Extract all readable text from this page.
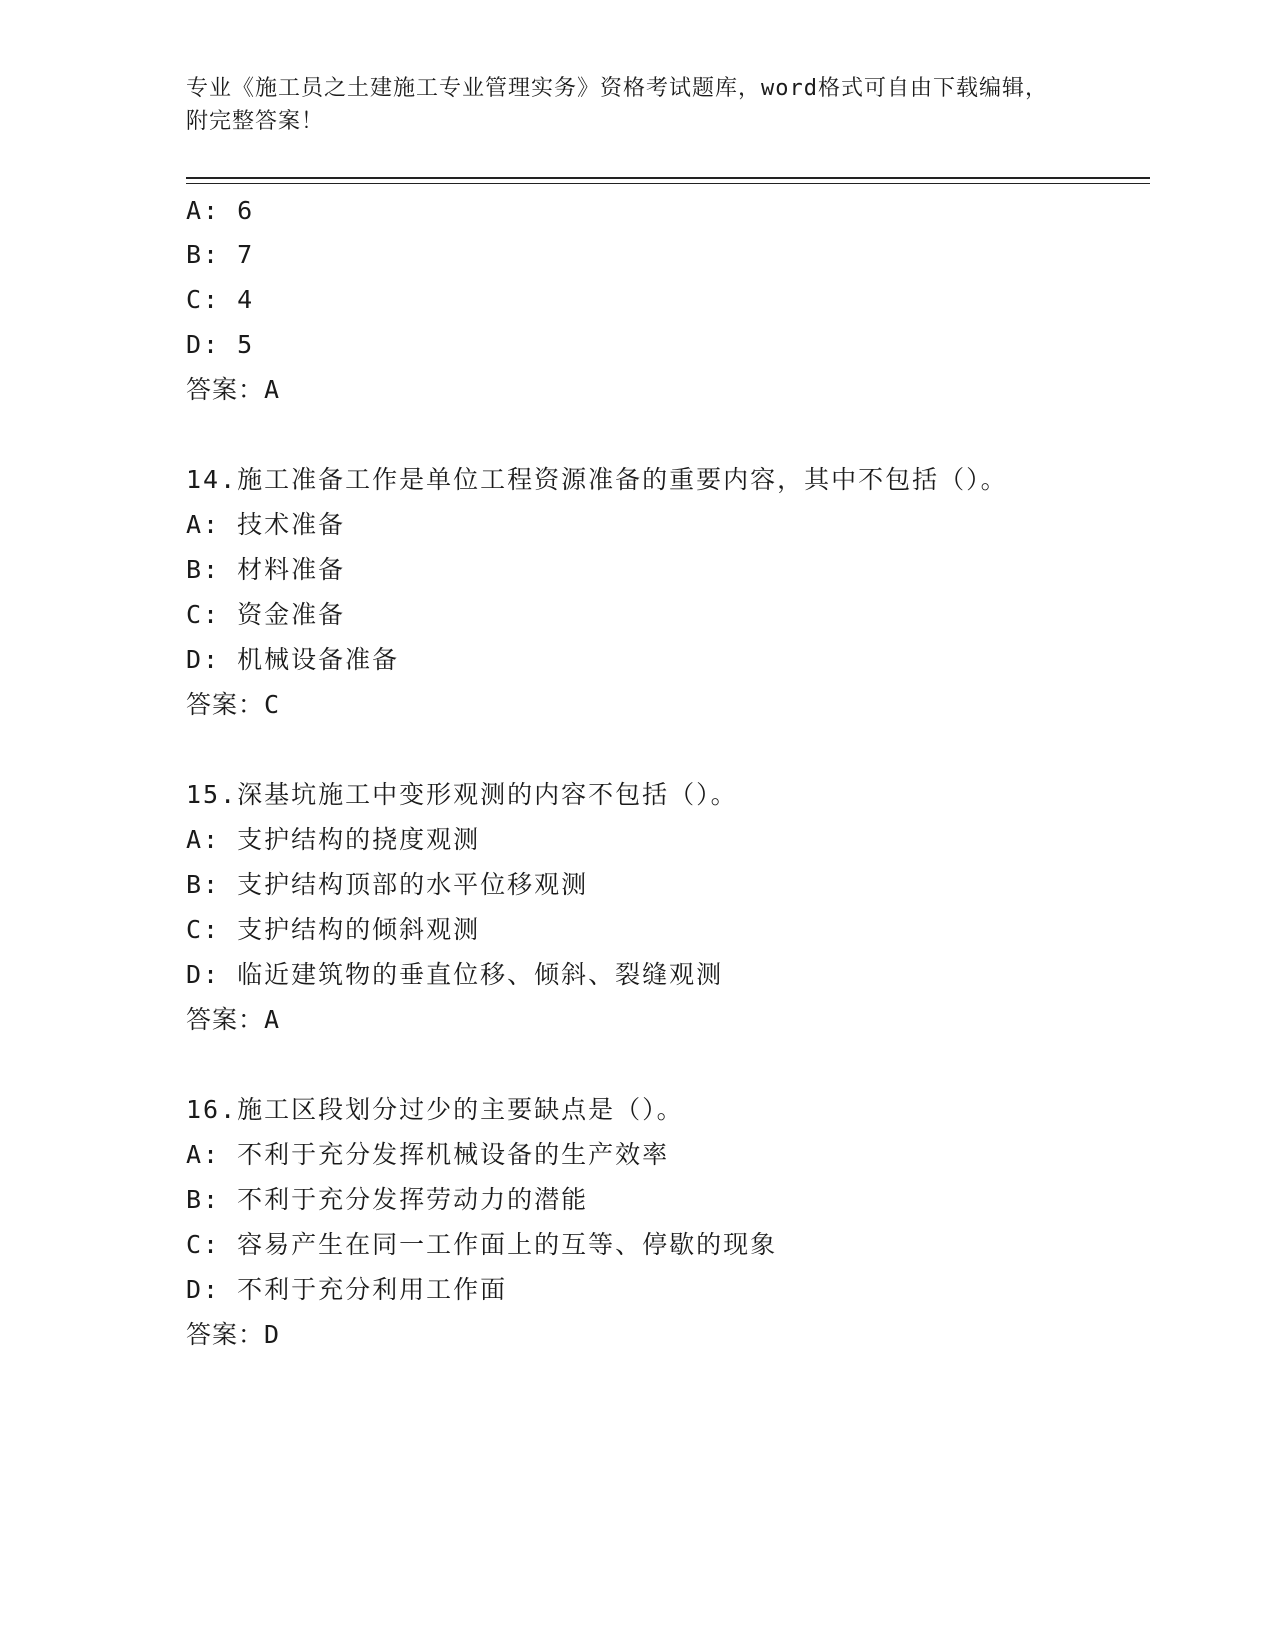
专业《施工员之土建施工专业管理实务》资格考试题库，word格式可自由下载编辑，附完整答案！
A: 6
B: 7
C: 4
D: 5
答案：A
14.施工准备工作是单位工程资源准备的重要内容，其中不包括（）。
A: 技术准备
B: 材料准备
C: 资金准备
D: 机械设备准备
答案：C
15.深基坑施工中变形观测的内容不包括（）。
A: 支护结构的挠度观测
B: 支护结构顶部的水平位移观测
C: 支护结构的倾斜观测
D: 临近建筑物的垂直位移、倾斜、裂缝观测
答案：A
16.施工区段划分过少的主要缺点是（）。
A: 不利于充分发挥机械设备的生产效率
B: 不利于充分发挥劳动力的潜能
C: 容易产生在同一工作面上的互等、停歇的现象
D: 不利于充分利用工作面
答案：D
